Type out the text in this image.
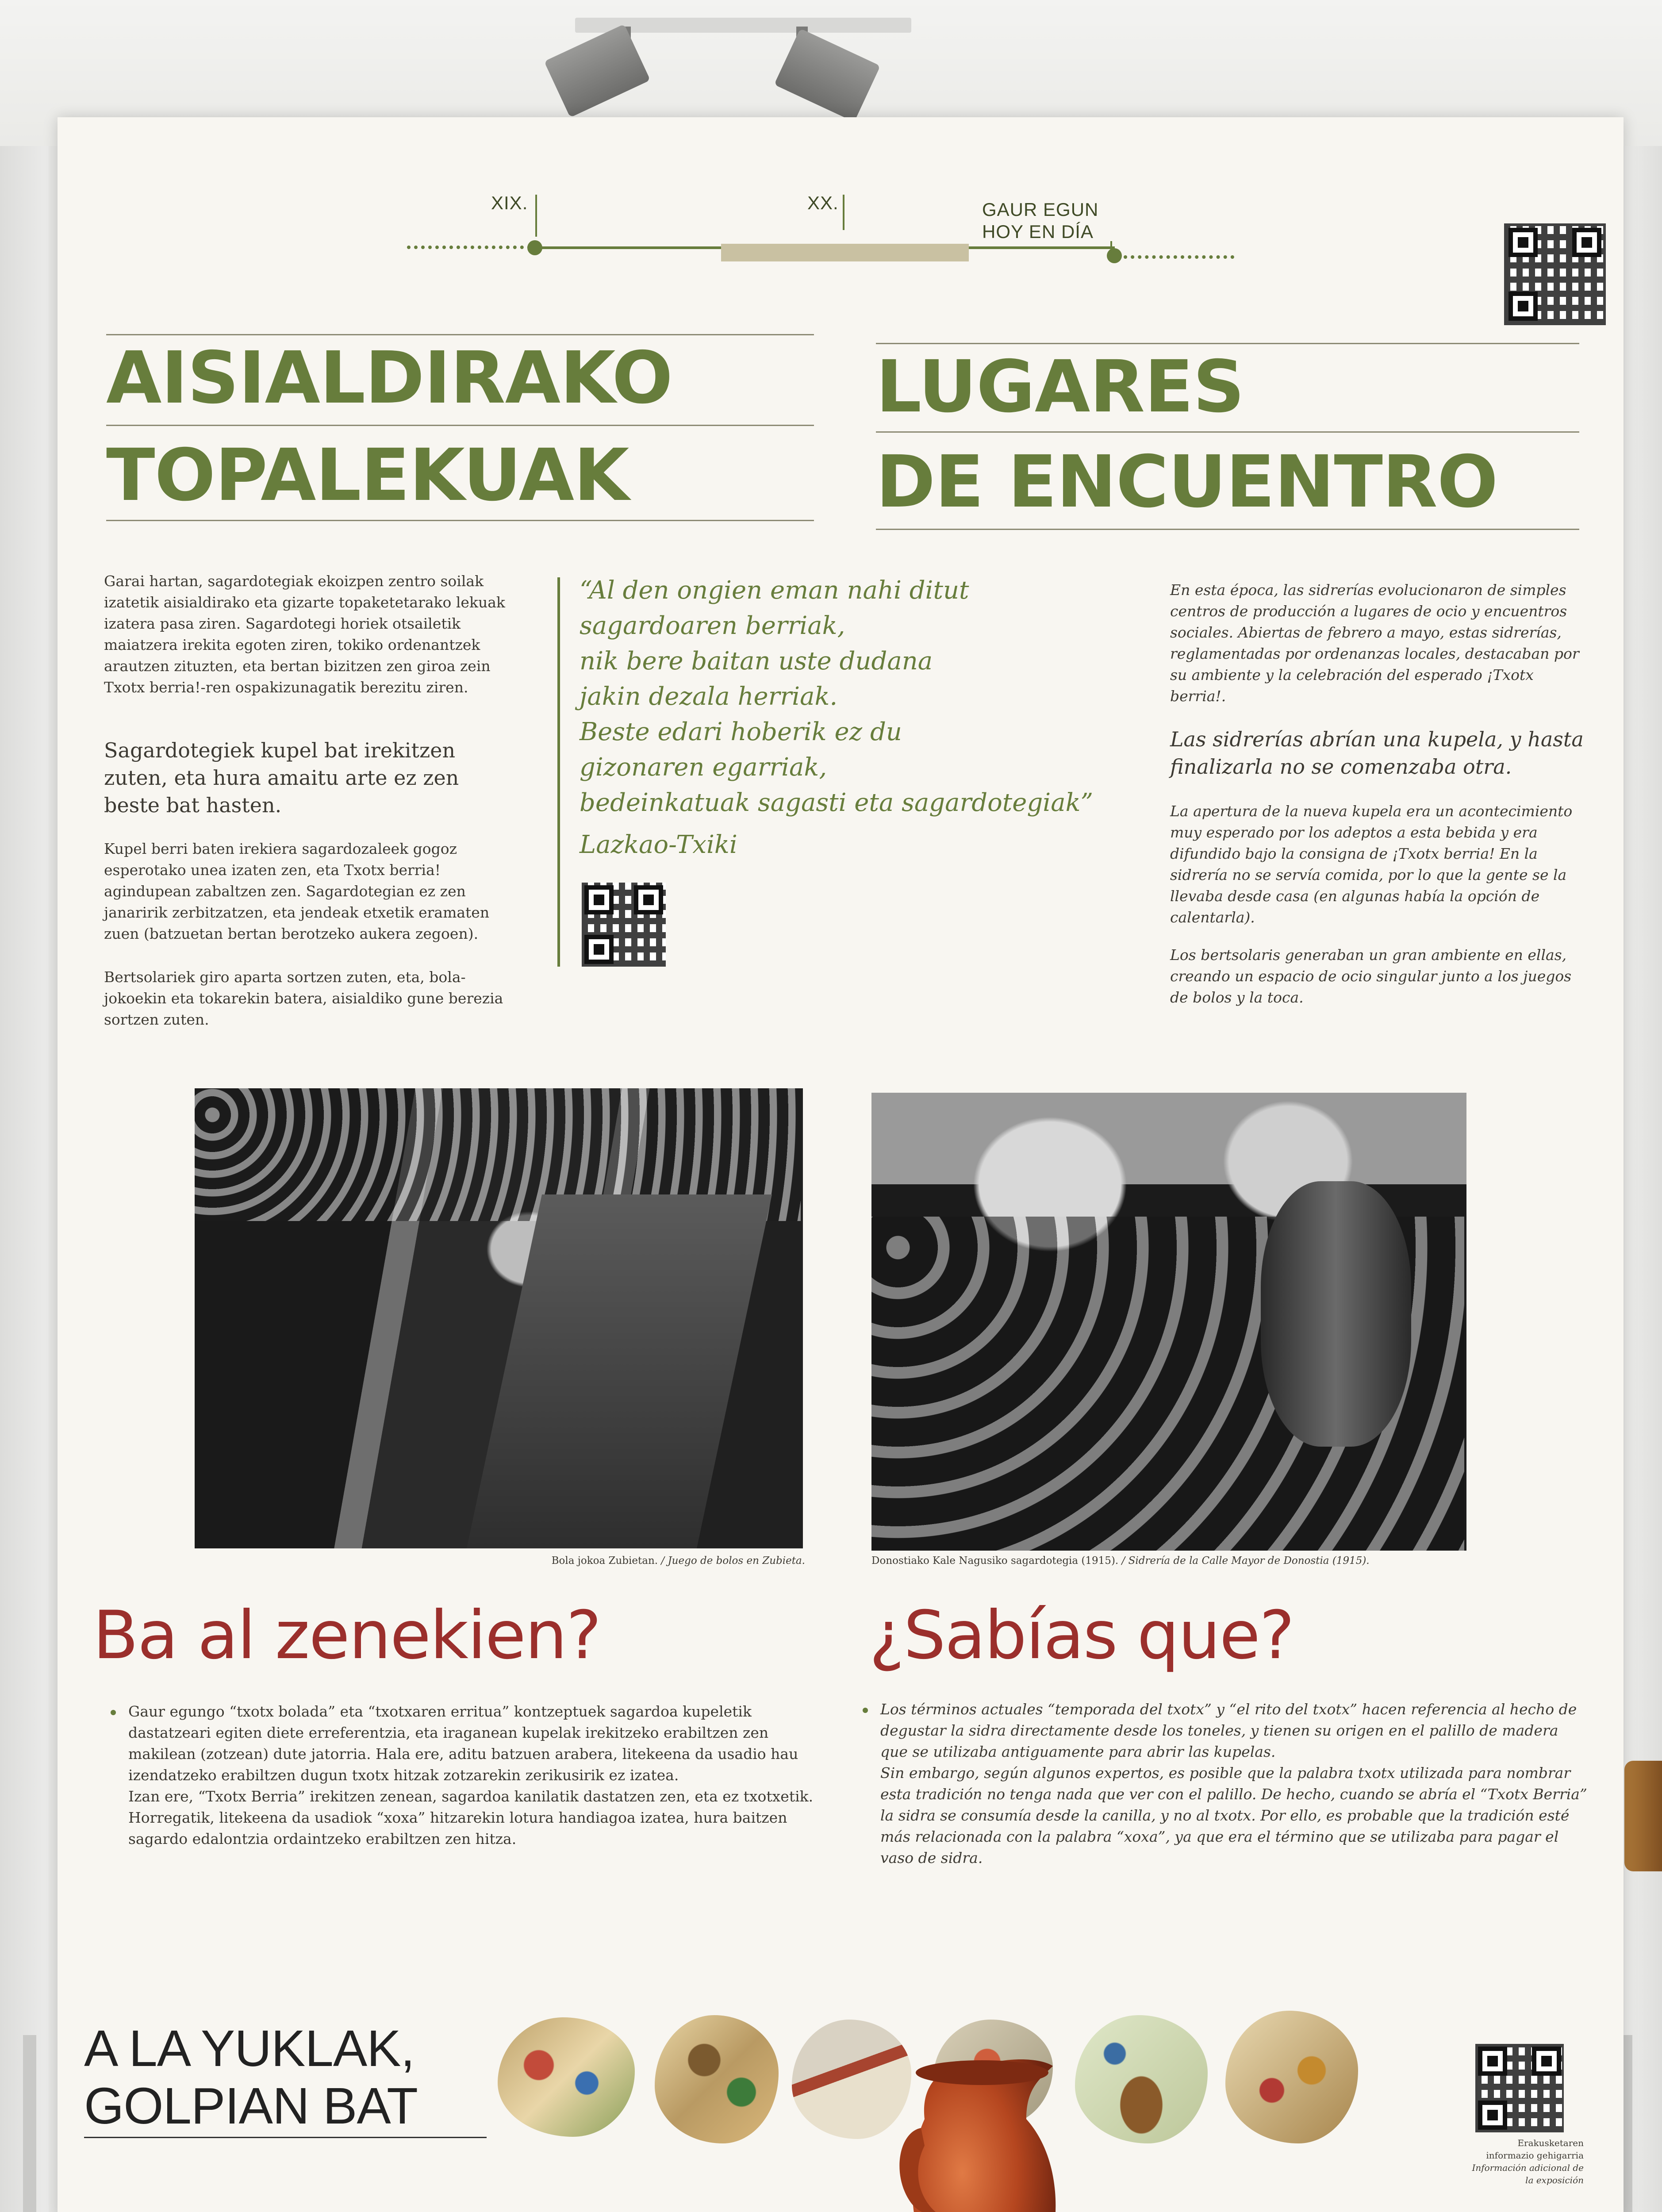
XIX.	XX.	GAUR EGUN
HOY EN DÍA
AISIALDIRAKO
TOPALEKUAK
LUGARES
DE ENCUENTRO
Garai hartan, sagardotegiak ekoizpen zentro soilak izatetik aisialdirako eta gizarte topaketetarako lekuak izatera pasa ziren. Sagardotegi horiek otsailetik maiatzera irekita egoten ziren, tokiko ordenantzek arautzen zituzten, eta bertan bizitzen zen giroa zein Txotx berria!-ren ospakizunagatik berezitu ziren.
Sagardotegiek kupel bat irekitzen zuten, eta hura amaitu arte ez zen beste bat hasten.
Kupel berri baten irekiera sagardozaleek gogoz esperotako unea izaten zen, eta Txotx berria! agindupean zabaltzen zen. Sagardotegian ez zen janaririk zerbitzatzen, eta jendeak etxetik eramaten zuen (batzuetan bertan berotzeko aukera zegoen).
Bertsolariek giro aparta sortzen zuten, eta, bola-jokoekin eta tokarekin batera, aisialdiko gune berezia sortzen zuten.
“Al den ongien eman nahi ditut
sagardoaren berriak,
nik bere baitan uste dudana
jakin dezala herriak.
Beste edari hoberik ez du
gizonaren egarriak,
bedeinkatuak sagasti eta sagardotegiak”
Lazkao-Txiki
En esta época, las sidrerías evolucionaron de simples centros de producción a lugares de ocio y encuentros sociales. Abiertas de febrero a mayo, estas sidrerías, reglamentadas por ordenanzas locales, destacaban por su ambiente y la celebración del esperado ¡Txotx berria!.
Las sidrerías abrían una kupela, y hasta finalizarla no se comenzaba otra.
La apertura de la nueva kupela era un acontecimiento muy esperado por los adeptos a esta bebida y era difundido bajo la consigna de ¡Txotx berria! En la sidrería no se servía comida, por lo que la gente se la llevaba desde casa (en algunas había la opción de calentarla).
Los bertsolaris generaban un gran ambiente en ellas, creando un espacio de ocio singular junto a los juegos de bolos y la toca.
Bola jokoa Zubietan. / Juego de bolos en Zubieta.	Donostiako Kale Nagusiko sagardotegia (1915). / Sidrería de la Calle Mayor de Donostia (1915).
Ba al zenekien?	¿Sabías que?
Gaur egungo “txotx bolada” eta “txotxaren erritua” kontzeptuek sagardoa kupeletik dastatzeari egiten diete erreferentzia, eta iraganean kupelak irekitzeko erabiltzen zen makilean (zotzean) dute jatorria. Hala ere, aditu batzuen arabera, litekeena da usadio hau izendatzeko erabiltzen dugun txotx hitzak zotzarekin zerikusirik ez izatea.
Izan ere, “Txotx Berria” irekitzen zenean, sagardoa kanilatik dastatzen zen, eta ez txotxetik. Horregatik, litekeena da usadiok “xoxa” hitzarekin lotura handiagoa izatea, hura baitzen sagardo edalontzia ordaintzeko erabiltzen zen hitza.
Los términos actuales “temporada del txotx” y “el rito del txotx” hacen referencia al hecho de degustar la sidra directamente desde los toneles, y tienen su origen en el palillo de madera que se utilizaba antiguamente para abrir las kupelas.
Sin embargo, según algunos expertos, es posible que la palabra txotx utilizada para nombrar esta tradición no tenga nada que ver con el palillo. De hecho, cuando se abría el “Txotx Berria” la sidra se consumía desde la canilla, y no al txotx. Por ello, es probable que la tradición esté más relacionada con la palabra “xoxa”, ya que era el término que se utilizaba para pagar el vaso de sidra.
A LA YUKLAK,
GOLPIAN BAT
Erakusketaren
informazio gehigarria
Información adicional de
la exposición
